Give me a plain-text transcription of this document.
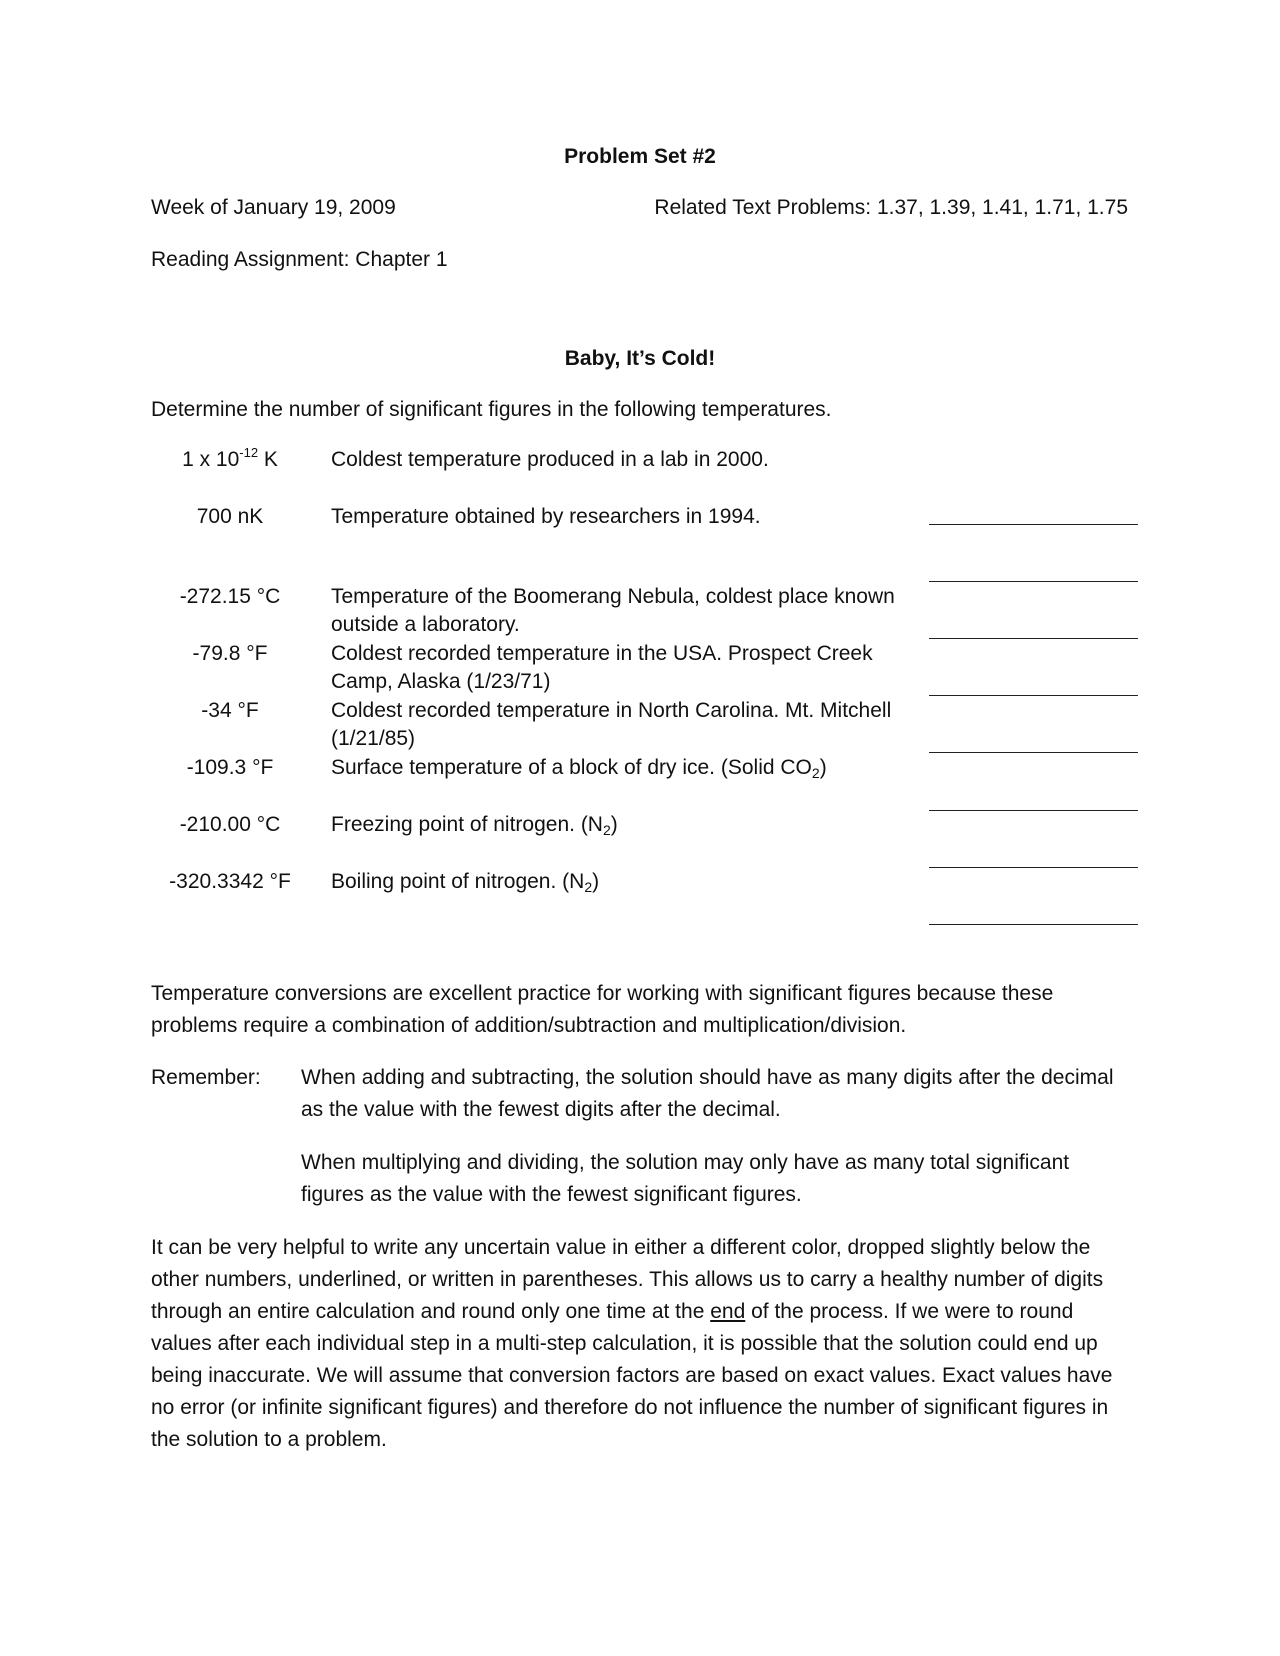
Problem Set #2
Week of January 19, 2009	Related Text Problems: 1.37, 1.39, 1.41, 1.71, 1.75
Reading Assignment: Chapter 1
Baby, It’s Cold!
Determine the number of significant figures in the following temperatures.
1 x $10^{-12}$ K	Coldest temperature produced in a lab in 2000.
700 nK	Temperature obtained by researchers in 1994.
-272.15 °C	Temperature of the Boomerang Nebula, coldest place known outside a laboratory.
-79.8 °F	Coldest recorded temperature in the USA. Prospect Creek Camp, Alaska (1/23/71)
-34 °F	Coldest recorded temperature in North Carolina. Mt. Mitchell (1/21/85)
-109.3 °F	Surface temperature of a block of dry ice. (Solid $CO_2$)
-210.00 °C	Freezing point of nitrogen. $(N_2)$
-320.3342 °F	Boiling point of nitrogen. $(N_2)$
Temperature conversions are excellent practice for working with significant figures because these problems require a combination of addition/subtraction and multiplication/division.
Remember: When adding and subtracting, the solution should have as many digits after the decimal as the value with the fewest digits after the decimal.
When multiplying and dividing, the solution may only have as many total significant figures as the value with the fewest significant figures.
It can be very helpful to write any uncertain value in either a different color, dropped slightly below the other numbers, underlined, or written in parentheses. This allows us to carry a healthy number of digits through an entire calculation and round only one time at the end of the process. If we were to round values after each individual step in a multi-step calculation, it is possible that the solution could end up being inaccurate. We will assume that conversion factors are based on exact values. Exact values have no error (or infinite significant figures) and therefore do not influence the number of significant figures in the solution to a problem.
